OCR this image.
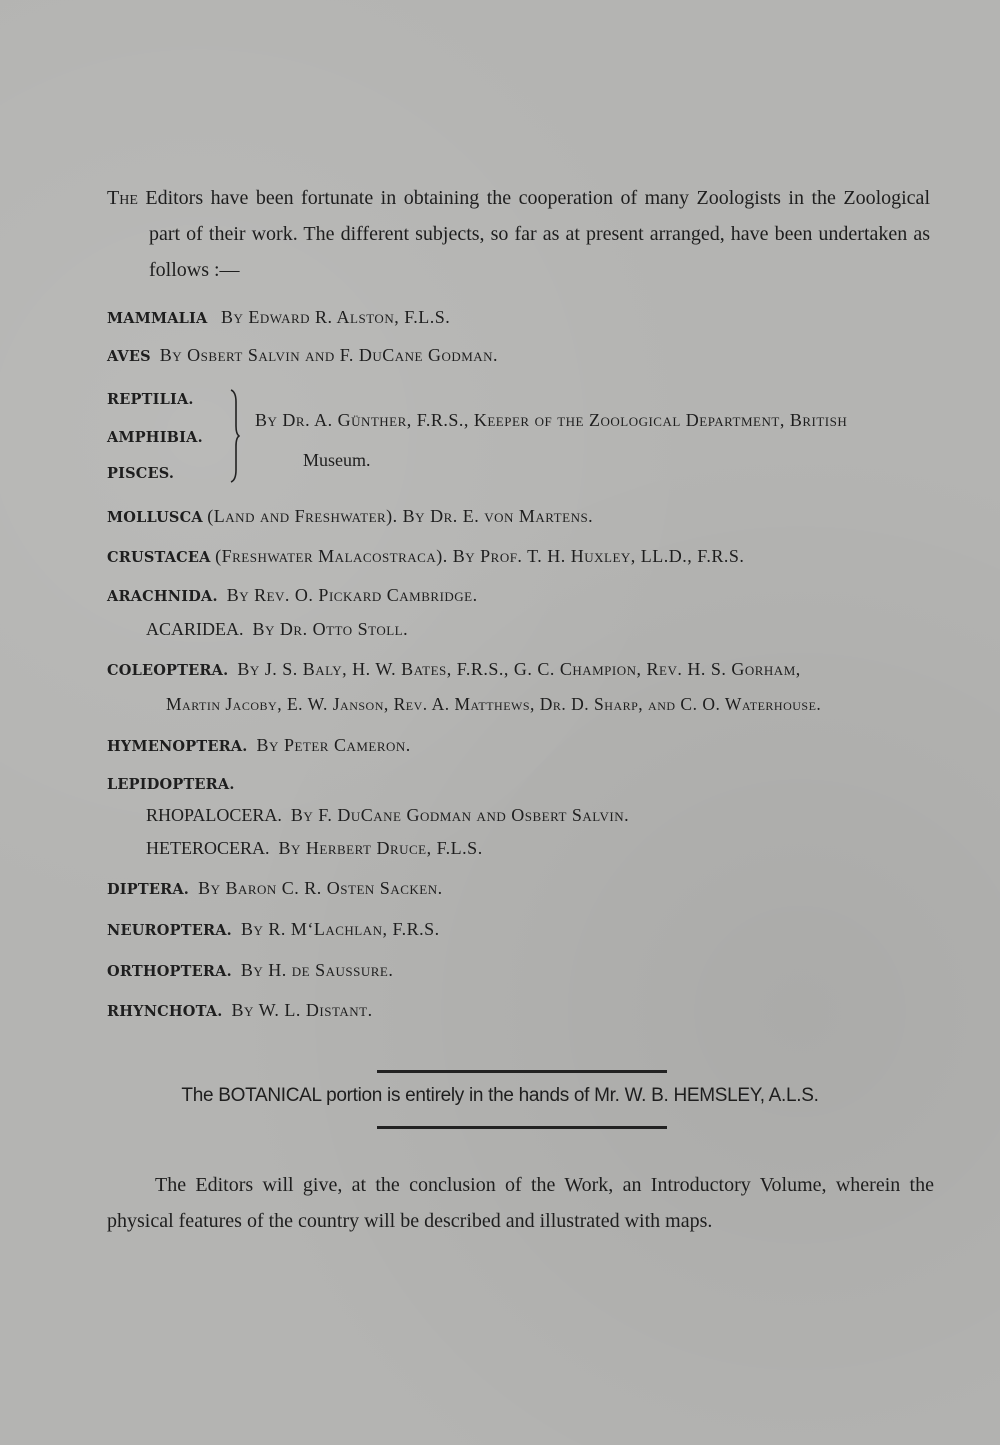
The Editors have been fortunate in obtaining the cooperation of many Zoologists in the Zoological part of their work. The different subjects, so far as at present arranged, have been undertaken as follows :—

MAMMALIA By Edward R. Alston, F.L.S.
AVES By Osbert Salvin and F. DuCane Godman.
REPTILIA.
AMPHIBIA.
PISCES.
By Dr. A. Günther, F.R.S., Keeper of the Zoological Department, British
Museum.
MOLLUSCA (Land and Freshwater). By Dr. E. von Martens.
CRUSTACEA (Freshwater Malacostraca). By Prof. T. H. Huxley, LL.D., F.R.S.
ARACHNIDA. By Rev. O. Pickard Cambridge.
ACARIDEA. By Dr. Otto Stoll.
COLEOPTERA. By J. S. Baly, H. W. Bates, F.R.S., G. C. Champion, Rev. H. S. Gorham,
Martin Jacoby, E. W. Janson, Rev. A. Matthews, Dr. D. Sharp, and C. O. Waterhouse.
HYMENOPTERA. By Peter Cameron.
LEPIDOPTERA.
RHOPALOCERA. By F. DuCane Godman and Osbert Salvin.
HETEROCERA. By Herbert Druce, F.L.S.
DIPTERA. By Baron C. R. Osten Sacken.
NEUROPTERA. By R. M‘Lachlan, F.R.S.
ORTHOPTERA. By H. de Saussure.
RHYNCHOTA. By W. L. Distant.
The BOTANICAL portion is entirely in the hands of Mr. W. B. HEMSLEY, A.L.S.

The Editors will give, at the conclusion of the Work, an Introductory Volume, wherein the physical features of the country will be described and illustrated with maps.
